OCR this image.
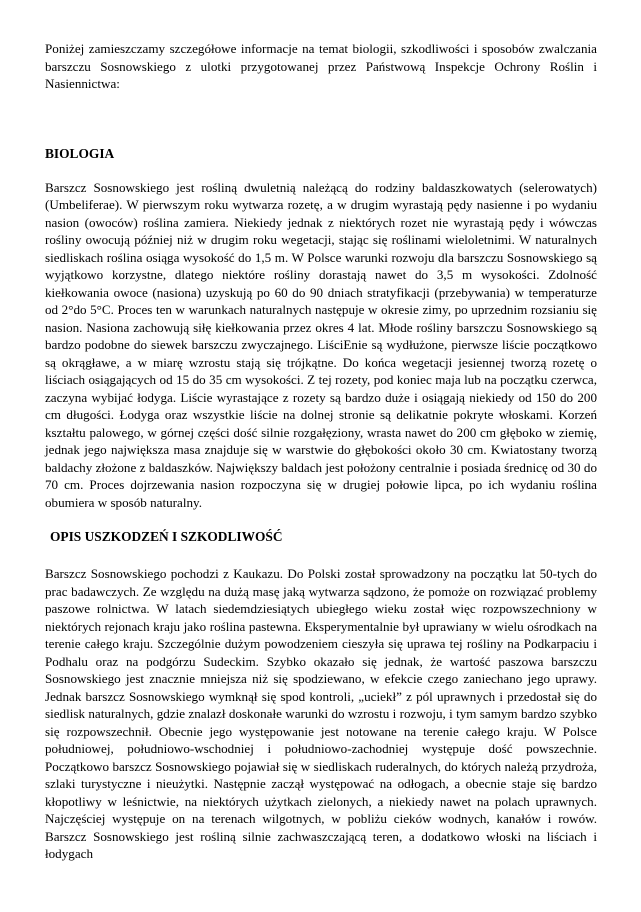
Poniżej zamieszczamy szczegółowe informacje na temat biologii, szkodliwości i sposobów zwalczania barszczu Sosnowskiego z ulotki przygotowanej przez Państwową Inspekcje Ochrony Roślin i Nasiennictwa:

BIOLOGIA

Barszcz Sosnowskiego jest rośliną dwuletnią należącą do rodziny baldaszkowatych (selerowatych) (Umbeliferae). W pierwszym roku wytwarza rozetę, a w drugim wyrastają pędy nasienne i po wydaniu nasion (owoców) roślina zamiera. Niekiedy jednak z niektórych rozet nie wyrastają pędy i wówczas rośliny owocują później niż w drugim roku wegetacji, stając się roślinami wieloletnimi. W naturalnych siedliskach roślina osiąga wysokość do 1,5 m. W Polsce warunki rozwoju dla barszczu Sosnowskiego są wyjątkowo korzystne, dlatego niektóre rośliny dorastają nawet do 3,5 m wysokości. Zdolność kiełkowania owoce (nasiona) uzyskują po 60 do 90 dniach stratyfikacji (przebywania) w temperaturze od 2°do 5°C. Proces ten w warunkach naturalnych następuje w okresie zimy, po uprzednim rozsianiu się nasion. Nasiona zachowują siłę kiełkowania przez okres 4 lat. Młode rośliny barszczu Sosnowskiego są bardzo podobne do siewek barszczu zwyczajnego. LiściEnie są wydłużone, pierwsze liście początkowo są okrągławe, a w miarę wzrostu stają się trójkątne. Do końca wegetacji jesiennej tworzą rozetę o liściach osiągających od 15 do 35 cm wysokości. Z tej rozety, pod koniec maja lub na początku czerwca, zaczyna wybijać łodyga. Liście wyrastające z rozety są bardzo duże i osiągają niekiedy od 150 do 200 cm długości. Łodyga oraz wszystkie liście na dolnej stronie są delikatnie pokryte włoskami. Korzeń kształtu palowego, w górnej części dość silnie rozgałęziony, wrasta nawet do 200 cm głęboko w ziemię, jednak jego największa masa znajduje się w warstwie do głębokości około 30 cm. Kwiatostany tworzą baldachy złożone z baldaszków. Największy baldach jest położony centralnie i posiada średnicę od 30 do 70 cm. Proces dojrzewania nasion rozpoczyna się w drugiej połowie lipca, po ich wydaniu roślina obumiera w sposób naturalny.

OPIS USZKODZEŃ I SZKODLIWOŚĆ

Barszcz Sosnowskiego pochodzi z Kaukazu. Do Polski został sprowadzony na początku lat 50-tych do prac badawczych. Ze względu na dużą masę jaką wytwarza sądzono, że pomoże on rozwiązać problemy paszowe rolnictwa. W latach siedemdziesiątych ubiegłego wieku został więc rozpowszechniony w niektórych rejonach kraju jako roślina pastewna. Eksperymentalnie był uprawiany w wielu ośrodkach na terenie całego kraju. Szczególnie dużym powodzeniem cieszyła się uprawa tej rośliny na Podkarpaciu i Podhalu oraz na podgórzu Sudeckim. Szybko okazało się jednak, że wartość paszowa barszczu Sosnowskiego jest znacznie mniejsza niż się spodziewano, w efekcie czego zaniechano jego uprawy. Jednak barszcz Sosnowskiego wymknął się spod kontroli, „uciekł” z pól uprawnych i przedostał się do siedlisk naturalnych, gdzie znalazł doskonałe warunki do wzrostu i rozwoju, i tym samym bardzo szybko się rozpowszechnił. Obecnie jego występowanie jest notowane na terenie całego kraju. W Polsce południowej, południowo-wschodniej i południowo-zachodniej występuje dość powszechnie. Początkowo barszcz Sosnowskiego pojawiał się w siedliskach ruderalnych, do których należą przydroża, szlaki turystyczne i nieużytki. Następnie zaczął występować na odłogach, a obecnie staje się bardzo kłopotliwy w leśnictwie, na niektórych użytkach zielonych, a niekiedy nawet na polach uprawnych. Najczęściej występuje on na terenach wilgotnych, w pobliżu cieków wodnych, kanałów i rowów. Barszcz Sosnowskiego jest rośliną silnie zachwaszczającą teren, a dodatkowo włoski na liściach i łodygach
